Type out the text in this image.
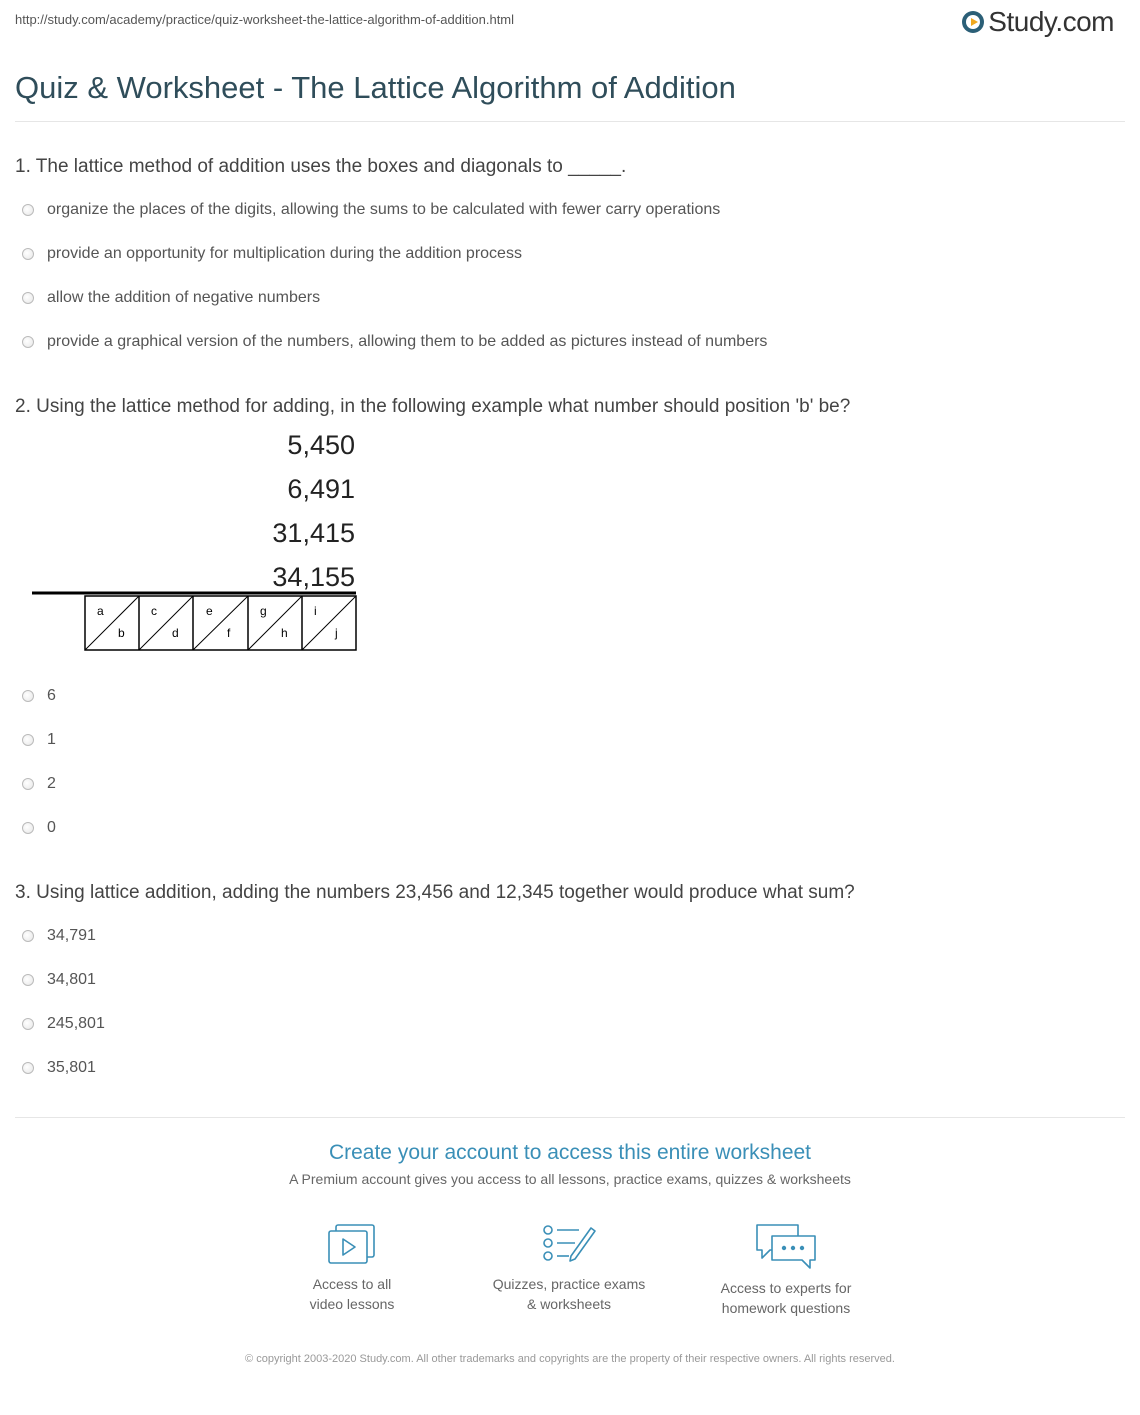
http://study.com/academy/practice/quiz-worksheet-the-lattice-algorithm-of-addition.html	Study.com
Quiz & Worksheet - The Lattice Algorithm of Addition
1. The lattice method of addition uses the boxes and diagonals to _____.
organize the places of the digits, allowing the sums to be calculated with fewer carry operations
provide an opportunity for multiplication during the addition process
allow the addition of negative numbers
provide a graphical version of the numbers, allowing them to be added as pictures instead of numbers
2. Using the lattice method for adding, in the following example what number should position 'b' be?
5,450
6,491
31,415
34,155
a
b
c
d
e
f
g
h
i
j
6
1
2
0
3. Using lattice addition, adding the numbers 23,456 and 12,345 together would produce what sum?
34,791
34,801
245,801
35,801
Create your account to access this entire worksheet
A Premium account gives you access to all lessons, practice exams, quizzes & worksheets
Access to all
video lessons
Quizzes, practice exams
& worksheets
Access to experts for
homework questions
© copyright 2003-2020 Study.com. All other trademarks and copyrights are the property of their respective owners. All rights reserved.
